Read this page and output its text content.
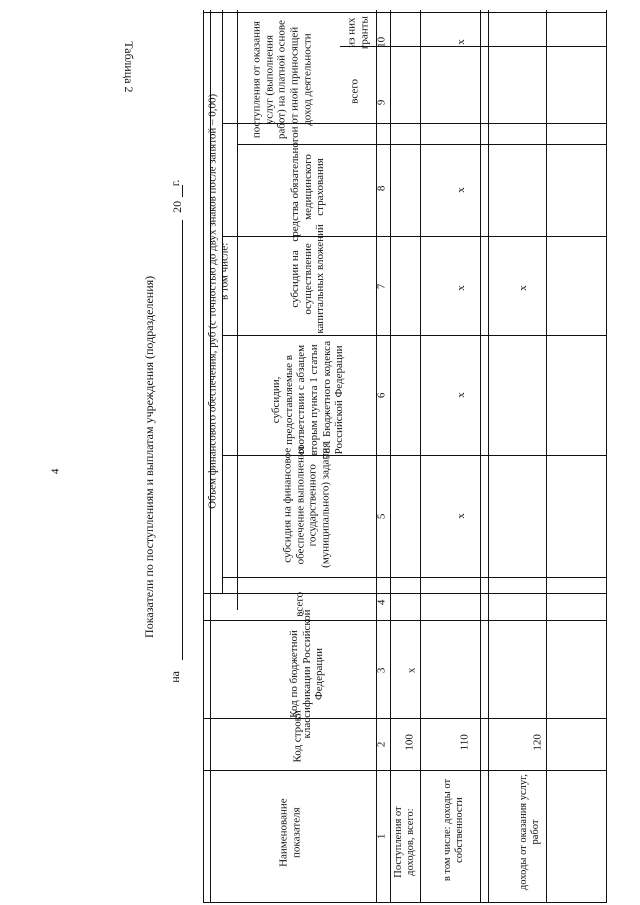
4
Таблица 2
Показатели по поступлениям и выплатам учреждения (подразделения)
на
20
г.
Наименование показателя
Код строки
Код по бюджетной классификации Российской Федерации
Объем финансового обеспечения, руб (с точностью до двух знаков после запятой – 0,00)
всего
в том числе:
субсидия на финансовое обеспечение выполнения государственного (муниципального) задания
субсидии, предоставляемые в соответствии с абзацем вторым пункта 1 статьи 78.1 Бюджетного кодекса Российской Федерации
субсидии на осуществление капитальных вложений
средства обязательного медицинского страхования
поступления от оказания услуг (выполнения работ) на платной основе и от иной приносящей доход деятельности	всего
из них гранты
1
2
3
4
5
6
7
8
9
10
Поступления от доходов, всего:
100
x
в том числе: доходы от собственности
110
x
x
x
x
x
доходы от оказания услуг, работ
120
x
